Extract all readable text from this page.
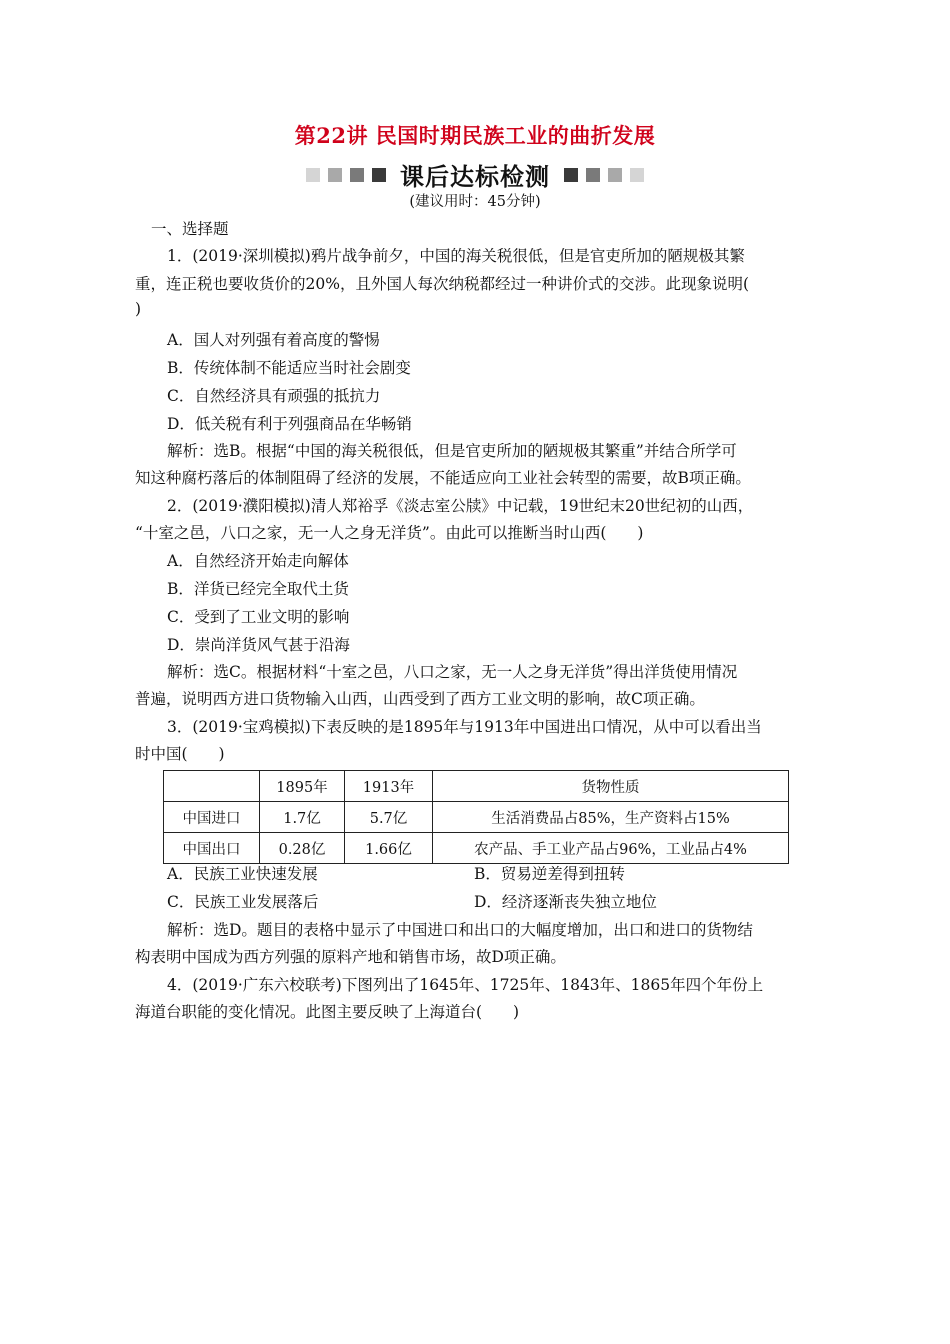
第22讲 民国时期民族工业的曲折发展
课后达标检测
(建议用时：45分钟)
一、选择题
1．(2019·深圳模拟)鸦片战争前夕，中国的海关税很低，但是官吏所加的陋规极其繁
重，连正税也要收货价的20%，且外国人每次纳税都经过一种讲价式的交涉。此现象说明(
)
A．国人对列强有着高度的警惕
B．传统体制不能适应当时社会剧变
C．自然经济具有顽强的抵抗力
D．低关税有利于列强商品在华畅销
解析：选B。根据“中国的海关税很低，但是官吏所加的陋规极其繁重”并结合所学可
知这种腐朽落后的体制阻碍了经济的发展，不能适应向工业社会转型的需要，故B项正确。
2．(2019·濮阳模拟)清人郑裕孚《淡志室公牍》中记载，19世纪末20世纪初的山西，
“十室之邑，八口之家，无一人之身无洋货”。由此可以推断当时山西(　　)
A．自然经济开始走向解体
B．洋货已经完全取代土货
C．受到了工业文明的影响
D．崇尚洋货风气甚于沿海
解析：选C。根据材料“十室之邑，八口之家，无一人之身无洋货”得出洋货使用情况
普遍，说明西方进口货物输入山西，山西受到了西方工业文明的影响，故C项正确。
3．(2019·宝鸡模拟)下表反映的是1895年与1913年中国进出口情况，从中可以看出当
时中国(　　)
	1895年	1913年	货物性质
中国进口	1.7亿	5.7亿	生活消费品占85%，生产资料占15%
中国出口	0.28亿	1.66亿	农产品、手工业产品占96%，工业品占4%
A．民族工业快速发展	B．贸易逆差得到扭转
C．民族工业发展落后	D．经济逐渐丧失独立地位
解析：选D。题目的表格中显示了中国进口和出口的大幅度增加，出口和进口的货物结
构表明中国成为西方列强的原料产地和销售市场，故D项正确。
4．(2019·广东六校联考)下图列出了1645年、1725年、1843年、1865年四个年份上
海道台职能的变化情况。此图主要反映了上海道台(　　)
